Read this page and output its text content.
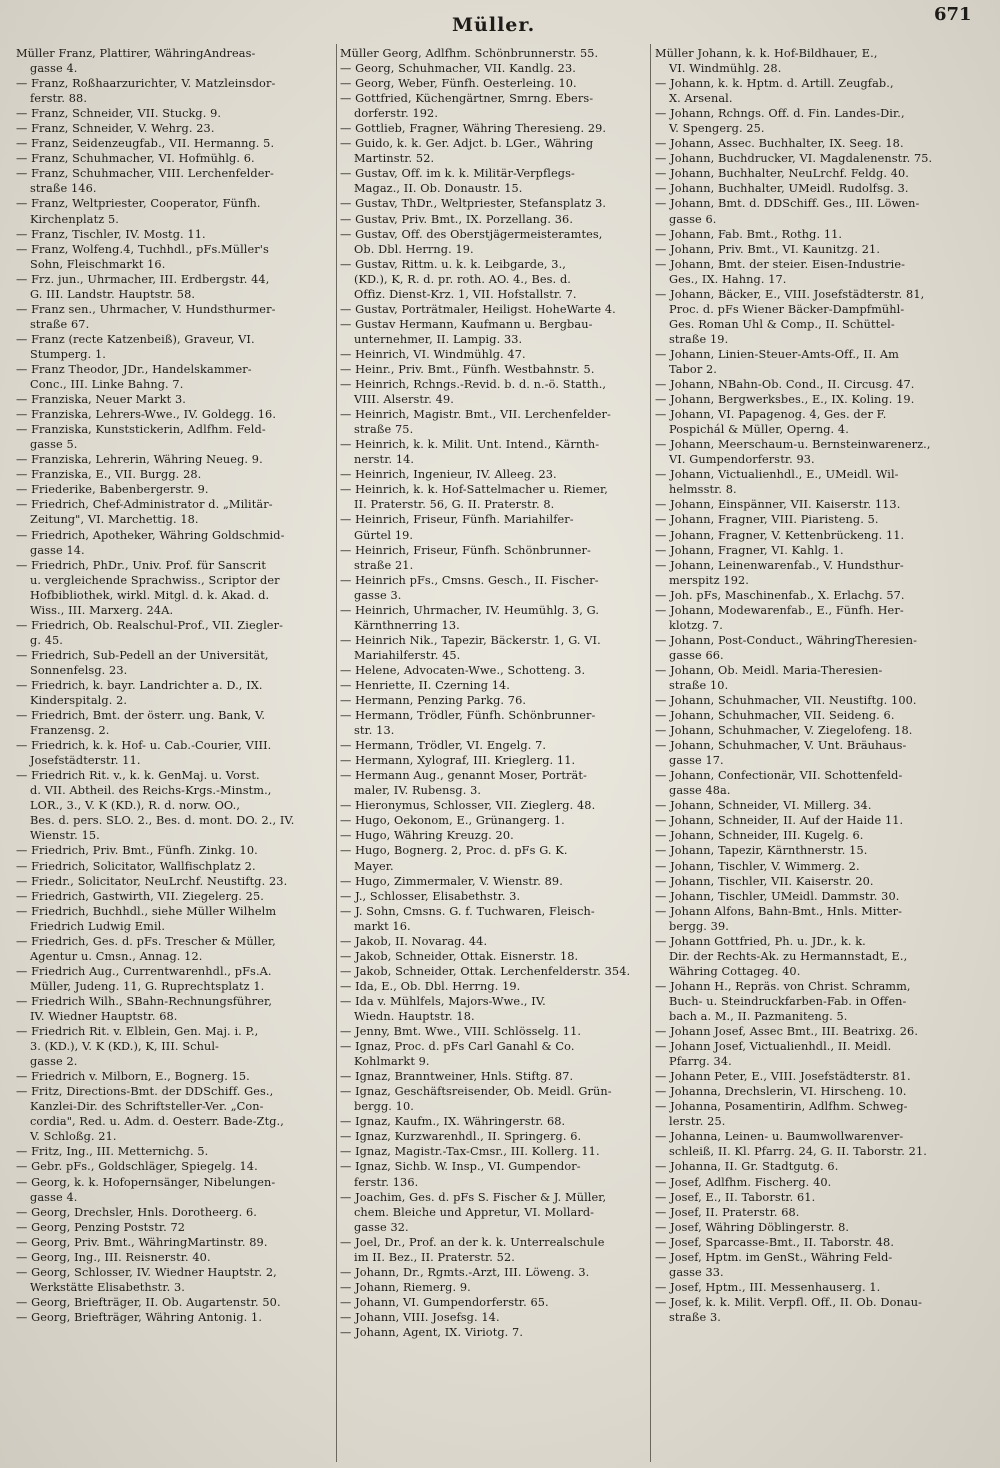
Müller.	671
Müller Franz, Plattirer, WähringAndreas-
gasse 4.
— Franz, Roßhaarzurichter, V. Matzleinsdor-
ferstr. 88.
— Franz, Schneider, VII. Stuckg. 9.
— Franz, Schneider, V. Wehrg. 23.
— Franz, Seidenzeugfab., VII. Hermanng. 5.
— Franz, Schuhmacher, VI. Hofmühlg. 6.
— Franz, Schuhmacher, VIII. Lerchenfelder-
straße 146.
— Franz, Weltpriester, Cooperator, Fünfh.
Kirchenplatz 5.
— Franz, Tischler, IV. Mostg. 11.
— Franz, Wolfeng.4, Tuchhdl., pFs.Müller's
Sohn, Fleischmarkt 16.
— Frz. jun., Uhrmacher, III. Erdbergstr. 44,
G. III. Landstr. Hauptstr. 58.
— Franz sen., Uhrmacher, V. Hundsthurmer-
straße 67.
— Franz (recte Katzenbeiß), Graveur, VI.
Stumperg. 1.
— Franz Theodor, JDr., Handelskammer-
Conc., III. Linke Bahng. 7.
— Franziska, Neuer Markt 3.
— Franziska, Lehrers-Wwe., IV. Goldegg. 16.
— Franziska, Kunststickerin, Adlfhm. Feld-
gasse 5.
— Franziska, Lehrerin, Währing Neueg. 9.
— Franziska, E., VII. Burgg. 28.
— Friederike, Babenbergerstr. 9.
— Friedrich, Chef-Administrator d. „Militär-
Zeitung", VI. Marchettig. 18.
— Friedrich, Apotheker, Währing Goldschmid-
gasse 14.
— Friedrich, PhDr., Univ. Prof. für Sanscrit
u. vergleichende Sprachwiss., Scriptor der
Hofbibliothek, wirkl. Mitgl. d. k. Akad. d.
Wiss., III. Marxerg. 24A.
— Friedrich, Ob. Realschul-Prof., VII. Ziegler-
g. 45.
— Friedrich, Sub-Pedell an der Universität,
Sonnenfelsg. 23.
— Friedrich, k. bayr. Landrichter a. D., IX.
Kinderspitalg. 2.
— Friedrich, Bmt. der österr. ung. Bank, V.
Franzensg. 2.
— Friedrich, k. k. Hof- u. Cab.-Courier, VIII.
Josefstädterstr. 11.
— Friedrich Rit. v., k. k. GenMaj. u. Vorst.
d. VII. Abtheil. des Reichs-Krgs.-Minstm.,
LOR., 3., V. K (KD.), R. d. norw. OO.,
Bes. d. pers. SLO. 2., Bes. d. mont. DO. 2., IV.
Wienstr. 15.
— Friedrich, Priv. Bmt., Fünfh. Zinkg. 10.
— Friedrich, Solicitator, Wallfischplatz 2.
— Friedr., Solicitator, NeuLrchf. Neustiftg. 23.
— Friedrich, Gastwirth, VII. Ziegelerg. 25.
— Friedrich, Buchhdl., siehe Müller Wilhelm
Friedrich Ludwig Emil.
— Friedrich, Ges. d. pFs. Trescher & Müller,
Agentur u. Cmsn., Annag. 12.
— Friedrich Aug., Currentwarenhdl., pFs.A.
Müller, Judeng. 11, G. Ruprechtsplatz 1.
— Friedrich Wilh., SBahn-Rechnungsführer,
IV. Wiedner Hauptstr. 68.
— Friedrich Rit. v. Elblein, Gen. Maj. i. P.,
3. (KD.), V. K (KD.), K, III. Schul-
gasse 2.
— Friedrich v. Milborn, E., Bognerg. 15.
— Fritz, Directions-Bmt. der DDSchiff. Ges.,
Kanzlei-Dir. des Schriftsteller-Ver. „Con-
cordia", Red. u. Adm. d. Oesterr. Bade-Ztg.,
V. Schloßg. 21.
— Fritz, Ing., III. Metternichg. 5.
— Gebr. pFs., Goldschläger, Spiegelg. 14.
— Georg, k. k. Hofopernsänger, Nibelungen-
gasse 4.
— Georg, Drechsler, Hnls. Dorotheerg. 6.
— Georg, Penzing Poststr. 72
— Georg, Priv. Bmt., WähringMartinstr. 89.
— Georg, Ing., III. Reisnerstr. 40.
— Georg, Schlosser, IV. Wiedner Hauptstr. 2,
Werkstätte Elisabethstr. 3.
— Georg, Briefträger, II. Ob. Augartenstr. 50.
— Georg, Briefträger, Währing Antonig. 1.
Müller Georg, Adlfhm. Schönbrunnerstr. 55.
— Georg, Schuhmacher, VII. Kandlg. 23.
— Georg, Weber, Fünfh. Oesterleing. 10.
— Gottfried, Küchengärtner, Smrng. Ebers-
dorferstr. 192.
— Gottlieb, Fragner, Währing Theresieng. 29.
— Guido, k. k. Ger. Adjct. b. LGer., Währing
Martinstr. 52.
— Gustav, Off. im k. k. Militär-Verpflegs-
Magaz., II. Ob. Donaustr. 15.
— Gustav, ThDr., Weltpriester, Stefansplatz 3.
— Gustav, Priv. Bmt., IX. Porzellang. 36.
— Gustav, Off. des Oberstjägermeisteramtes,
Ob. Dbl. Herrng. 19.
— Gustav, Rittm. u. k. k. Leibgarde, 3.,
(KD.), K, R. d. pr. roth. AO. 4., Bes. d.
Offiz. Dienst-Krz. 1, VII. Hofstallstr. 7.
— Gustav, Porträtmaler, Heiligst. HoheWarte 4.
— Gustav Hermann, Kaufmann u. Bergbau-
unternehmer, II. Lampig. 33.
— Heinrich, VI. Windmühlg. 47.
— Heinr., Priv. Bmt., Fünfh. Westbahnstr. 5.
— Heinrich, Rchngs.-Revid. b. d. n.-ö. Statth.,
VIII. Alserstr. 49.
— Heinrich, Magistr. Bmt., VII. Lerchenfelder-
straße 75.
— Heinrich, k. k. Milit. Unt. Intend., Kärnth-
nerstr. 14.
— Heinrich, Ingenieur, IV. Alleeg. 23.
— Heinrich, k. k. Hof-Sattelmacher u. Riemer,
II. Praterstr. 56, G. II. Praterstr. 8.
— Heinrich, Friseur, Fünfh. Mariahilfer-
Gürtel 19.
— Heinrich, Friseur, Fünfh. Schönbrunner-
straße 21.
— Heinrich pFs., Cmsns. Gesch., II. Fischer-
gasse 3.
— Heinrich, Uhrmacher, IV. Heumühlg. 3, G.
Kärnthnerring 13.
— Heinrich Nik., Tapezir, Bäckerstr. 1, G. VI.
Mariahilferstr. 45.
— Helene, Advocaten-Wwe., Schotteng. 3.
— Henriette, II. Czerning 14.
— Hermann, Penzing Parkg. 76.
— Hermann, Trödler, Fünfh. Schönbrunner-
str. 13.
— Hermann, Trödler, VI. Engelg. 7.
— Hermann, Xylograf, III. Krieglerg. 11.
— Hermann Aug., genannt Moser, Porträt-
maler, IV. Rubensg. 3.
— Hieronymus, Schlosser, VII. Zieglerg. 48.
— Hugo, Oekonom, E., Grünangerg. 1.
— Hugo, Währing Kreuzg. 20.
— Hugo, Bognerg. 2, Proc. d. pFs G. K.
Mayer.
— Hugo, Zimmermaler, V. Wienstr. 89.
— J., Schlosser, Elisabethstr. 3.
— J. Sohn, Cmsns. G. f. Tuchwaren, Fleisch-
markt 16.
— Jakob, II. Novarag. 44.
— Jakob, Schneider, Ottak. Eisnerstr. 18.
— Jakob, Schneider, Ottak. Lerchenfelderstr. 354.
— Ida, E., Ob. Dbl. Herrng. 19.
— Ida v. Mühlfels, Majors-Wwe., IV.
Wiedn. Hauptstr. 18.
— Jenny, Bmt. Wwe., VIII. Schlösselg. 11.
— Ignaz, Proc. d. pFs Carl Ganahl & Co.
Kohlmarkt 9.
— Ignaz, Branntweiner, Hnls. Stiftg. 87.
— Ignaz, Geschäftsreisender, Ob. Meidl. Grün-
bergg. 10.
— Ignaz, Kaufm., IX. Währingerstr. 68.
— Ignaz, Kurzwarenhdl., II. Springerg. 6.
— Ignaz, Magistr.-Tax-Cmsr., III. Kollerg. 11.
— Ignaz, Sichb. W. Insp., VI. Gumpendor-
ferstr. 136.
— Joachim, Ges. d. pFs S. Fischer & J. Müller,
chem. Bleiche und Appretur, VI. Mollard-
gasse 32.
— Joel, Dr., Prof. an der k. k. Unterrealschule
im II. Bez., II. Praterstr. 52.
— Johann, Dr., Rgmts.-Arzt, III. Löweng. 3.
— Johann, Riemerg. 9.
— Johann, VI. Gumpendorferstr. 65.
— Johann, VIII. Josefsg. 14.
— Johann, Agent, IX. Viriotg. 7.
Müller Johann, k. k. Hof-Bildhauer, E.,
VI. Windmühlg. 28.
— Johann, k. k. Hptm. d. Artill. Zeugfab.,
X. Arsenal.
— Johann, Rchngs. Off. d. Fin. Landes-Dir.,
V. Spengerg. 25.
— Johann, Assec. Buchhalter, IX. Seeg. 18.
— Johann, Buchdrucker, VI. Magdalenenstr. 75.
— Johann, Buchhalter, NeuLrchf. Feldg. 40.
— Johann, Buchhalter, UMeidl. Rudolfsg. 3.
— Johann, Bmt. d. DDSchiff. Ges., III. Löwen-
gasse 6.
— Johann, Fab. Bmt., Rothg. 11.
— Johann, Priv. Bmt., VI. Kaunitzg. 21.
— Johann, Bmt. der steier. Eisen-Industrie-
Ges., IX. Hahng. 17.
— Johann, Bäcker, E., VIII. Josefstädterstr. 81,
Proc. d. pFs Wiener Bäcker-Dampfmühl-
Ges. Roman Uhl & Comp., II. Schüttel-
straße 19.
— Johann, Linien-Steuer-Amts-Off., II. Am
Tabor 2.
— Johann, NBahn-Ob. Cond., II. Circusg. 47.
— Johann, Bergwerksbes., E., IX. Koling. 19.
— Johann, VI. Papagenog. 4, Ges. der F.
Pospichál & Müller, Operng. 4.
— Johann, Meerschaum-u. Bernsteinwarenerz.,
VI. Gumpendorferstr. 93.
— Johann, Victualienhdl., E., UMeidl. Wil-
helmsstr. 8.
— Johann, Einspänner, VII. Kaiserstr. 113.
— Johann, Fragner, VIII. Piaristeng. 5.
— Johann, Fragner, V. Kettenbrückeng. 11.
— Johann, Fragner, VI. Kahlg. 1.
— Johann, Leinenwarenfab., V. Hundsthur-
merspitz 192.
— Joh. pFs, Maschinenfab., X. Erlachg. 57.
— Johann, Modewarenfab., E., Fünfh. Her-
klotzg. 7.
— Johann, Post-Conduct., WähringTheresien-
gasse 66.
— Johann, Ob. Meidl. Maria-Theresien-
straße 10.
— Johann, Schuhmacher, VII. Neustiftg. 100.
— Johann, Schuhmacher, VII. Seideng. 6.
— Johann, Schuhmacher, V. Ziegelofeng. 18.
— Johann, Schuhmacher, V. Unt. Bräuhaus-
gasse 17.
— Johann, Confectionär, VII. Schottenfeld-
gasse 48a.
— Johann, Schneider, VI. Millerg. 34.
— Johann, Schneider, II. Auf der Haide 11.
— Johann, Schneider, III. Kugelg. 6.
— Johann, Tapezir, Kärnthnerstr. 15.
— Johann, Tischler, V. Wimmerg. 2.
— Johann, Tischler, VII. Kaiserstr. 20.
— Johann, Tischler, UMeidl. Dammstr. 30.
— Johann Alfons, Bahn-Bmt., Hnls. Mitter-
bergg. 39.
— Johann Gottfried, Ph. u. JDr., k. k.
Dir. der Rechts-Ak. zu Hermannstadt, E.,
Währing Cottageg. 40.
— Johann H., Repräs. von Christ. Schramm,
Buch- u. Steindruckfarben-Fab. in Offen-
bach a. M., II. Pazmaniteng. 5.
— Johann Josef, Assec Bmt., III. Beatrixg. 26.
— Johann Josef, Victualienhdl., II. Meidl.
Pfarrg. 34.
— Johann Peter, E., VIII. Josefstädterstr. 81.
— Johanna, Drechslerin, VI. Hirscheng. 10.
— Johanna, Posamentirin, Adlfhm. Schweg-
lerstr. 25.
— Johanna, Leinen- u. Baumwollwarenver-
schleiß, II. Kl. Pfarrg. 24, G. II. Taborstr. 21.
— Johanna, II. Gr. Stadtgutg. 6.
— Josef, Adlfhm. Fischerg. 40.
— Josef, E., II. Taborstr. 61.
— Josef, II. Praterstr. 68.
— Josef, Währing Döblingerstr. 8.
— Josef, Sparcasse-Bmt., II. Taborstr. 48.
— Josef, Hptm. im GenSt., Währing Feld-
gasse 33.
— Josef, Hptm., III. Messenhauserg. 1.
— Josef, k. k. Milit. Verpfl. Off., II. Ob. Donau-
straße 3.
